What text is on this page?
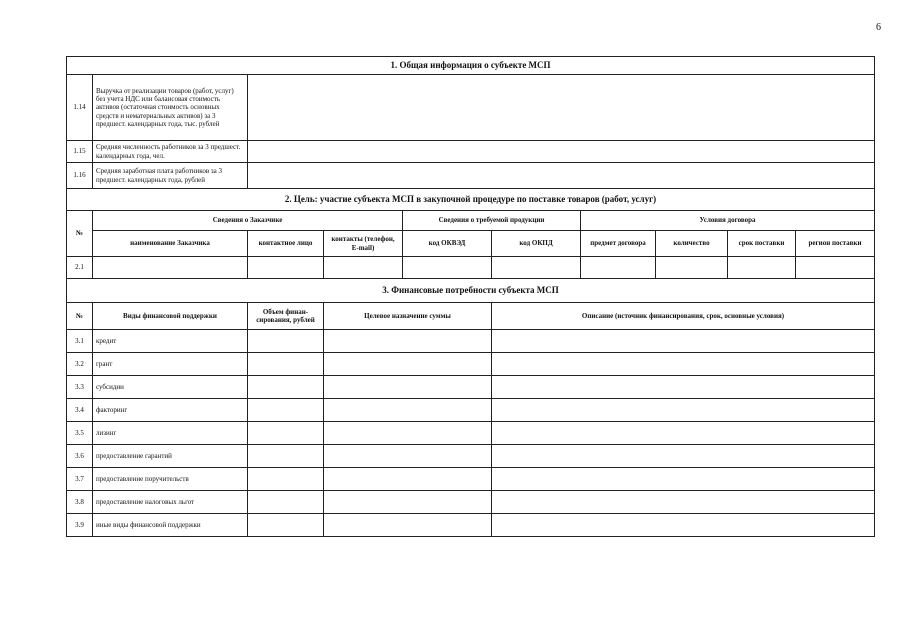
6
1. Общая информация о субъекте МСП									
1.14	Выручка от реализации товаров (работ, услуг) без учета НДС или балансовая стоимость активов (остаточная стоимость основных средств и нематериальных активов) за 3 предшест. календарных года, тыс. рублей								
1.15	Средняя численность работников за 3 предшест. календарных года, чел.								
1.16	Средняя заработная плата работников за 3 предшест. календарных года, рублей								
2. Цель: участие субъекта МСП в закупочной процедуре по поставке товаров (работ, услуг)									
№	Сведения о Заказчике			Сведения о требуемой продукции		Условия договора			
	наименование Заказчика	контактное лицо	контакты (телефон, E-mail)	код ОКВЭД	код ОКПД	предмет договора	количество	срок поставки	регион поставки
2.1									
3. Финансовые потребности субъекта МСП									
№	Виды финансовой поддержки	Объем финан-сирования, рублей	Целевое назначение суммы		Описание (источник финансирования, срок, основные условия)				
3.1	кредит								
3.2	грант								
3.3	субсидии								
3.4	факторинг								
3.5	лизинг								
3.6	предоставление гарантий								
3.7	предоставление поручительств								
3.8	предоставление налоговых льгот								
3.9	иные виды финансовой поддержки								
